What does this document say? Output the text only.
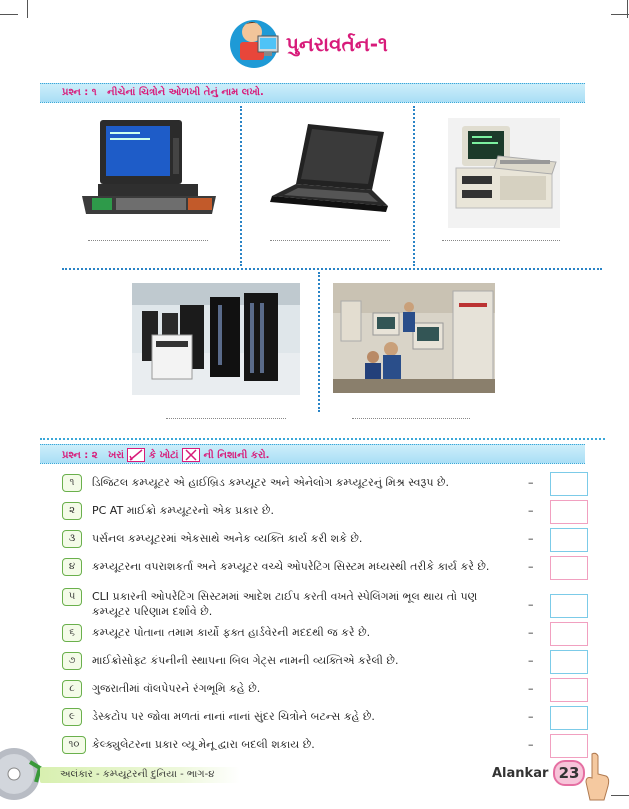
પુનરાવર્તન-૧
પ્રશ્ન : ૧ નીચેનાં ચિત્રોને ઓળખી તેનું નામ લખો.
પ્રશ્ન : ૨ ખરાં કે ખોટાં ની નિશાની કરો.
૧	ડિજિટલ કમ્પ્યૂટર એ હાઈબ્રિડ કમ્પ્યૂટર અને એનેલોગ કમ્પ્યૂટરનું મિશ્ર સ્વરૂપ છે.	–
૨	PC AT માઈક્રો કમ્પ્યૂટરનો એક પ્રકાર છે.	–
૩	પર્સનલ કમ્પ્યૂટરમાં એકસાથે અનેક વ્યક્તિ કાર્ય કરી શકે છે.	–
૪	કમ્પ્યૂટરના વપરાશકર્તા અને કમ્પ્યૂટર વચ્ચે ઓપરેટિંગ સિસ્ટમ મધ્યસ્થી તરીકે કાર્ય કરે છે.	–
૫	CLI પ્રકારની ઓપરેટિંગ સિસ્ટમમાં આદેશ ટાઈપ કરતી વખતે સ્પેલિંગમાં ભૂલ થાય તો પણ કમ્પ્યૂટર પરિણામ દર્શાવે છે.
–
૬	કમ્પ્યૂટર પોતાના તમામ કાર્યો ફક્ત હાર્ડવેરની મદદથી જ કરે છે.	–
૭	માઈક્રોસોફ્ટ કંપનીની સ્થાપના બિલ ગેટ્સ નામની વ્યક્તિએ કરેલી છે.	–
૮	ગુજરાતીમાં વૉલપેપરને રંગભૂમિ કહે છે.	–
૯	ડેસ્કટોપ પર જોવા મળતાં નાનાં નાનાં સુંદર ચિત્રોને બટન્સ કહે છે.	–
૧૦	કેલ્ક્યુલેટરના પ્રકાર વ્યૂ મેનૂ દ્વારા બદલી શકાય છે.	–
અલંકાર - કમ્પ્યૂટરની દુનિયા - ભાગ-૪	Alankar 23
